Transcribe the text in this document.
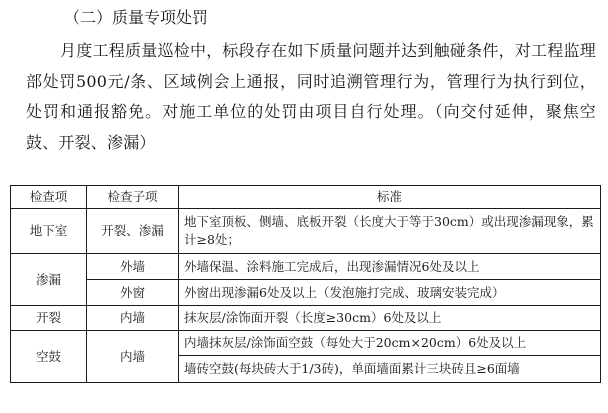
（二）质量专项处罚
月度工程质量巡检中，标段存在如下质量问题并达到触碰条件，对工程监理部处罚500元/条、区域例会上通报，同时追溯管理行为，管理行为执行到位，处罚和通报豁免。对施工单位的处罚由项目自行处理。（向交付延伸，聚焦空鼓、开裂、渗漏）
检查项	检查子项	标准
地下室	开裂、渗漏	地下室顶板、侧墙、底板开裂（长度大于等于30cm）或出现渗漏现象，累计≥8处；
渗漏	外墙	外墙保温、涂料施工完成后，出现渗漏情况6处及以上
	外窗	外窗出现渗漏6处及以上（发泡施打完成、玻璃安装完成）
开裂	内墙	抹灰层/涂饰面开裂（长度≥30cm）6处及以上
空鼓	内墙	内墙抹灰层/涂饰面空鼓（每处大于20cm×20cm）6处及以上
		墙砖空鼓(每块砖大于1/3砖)，单面墙面累计三块砖且≥6面墙
